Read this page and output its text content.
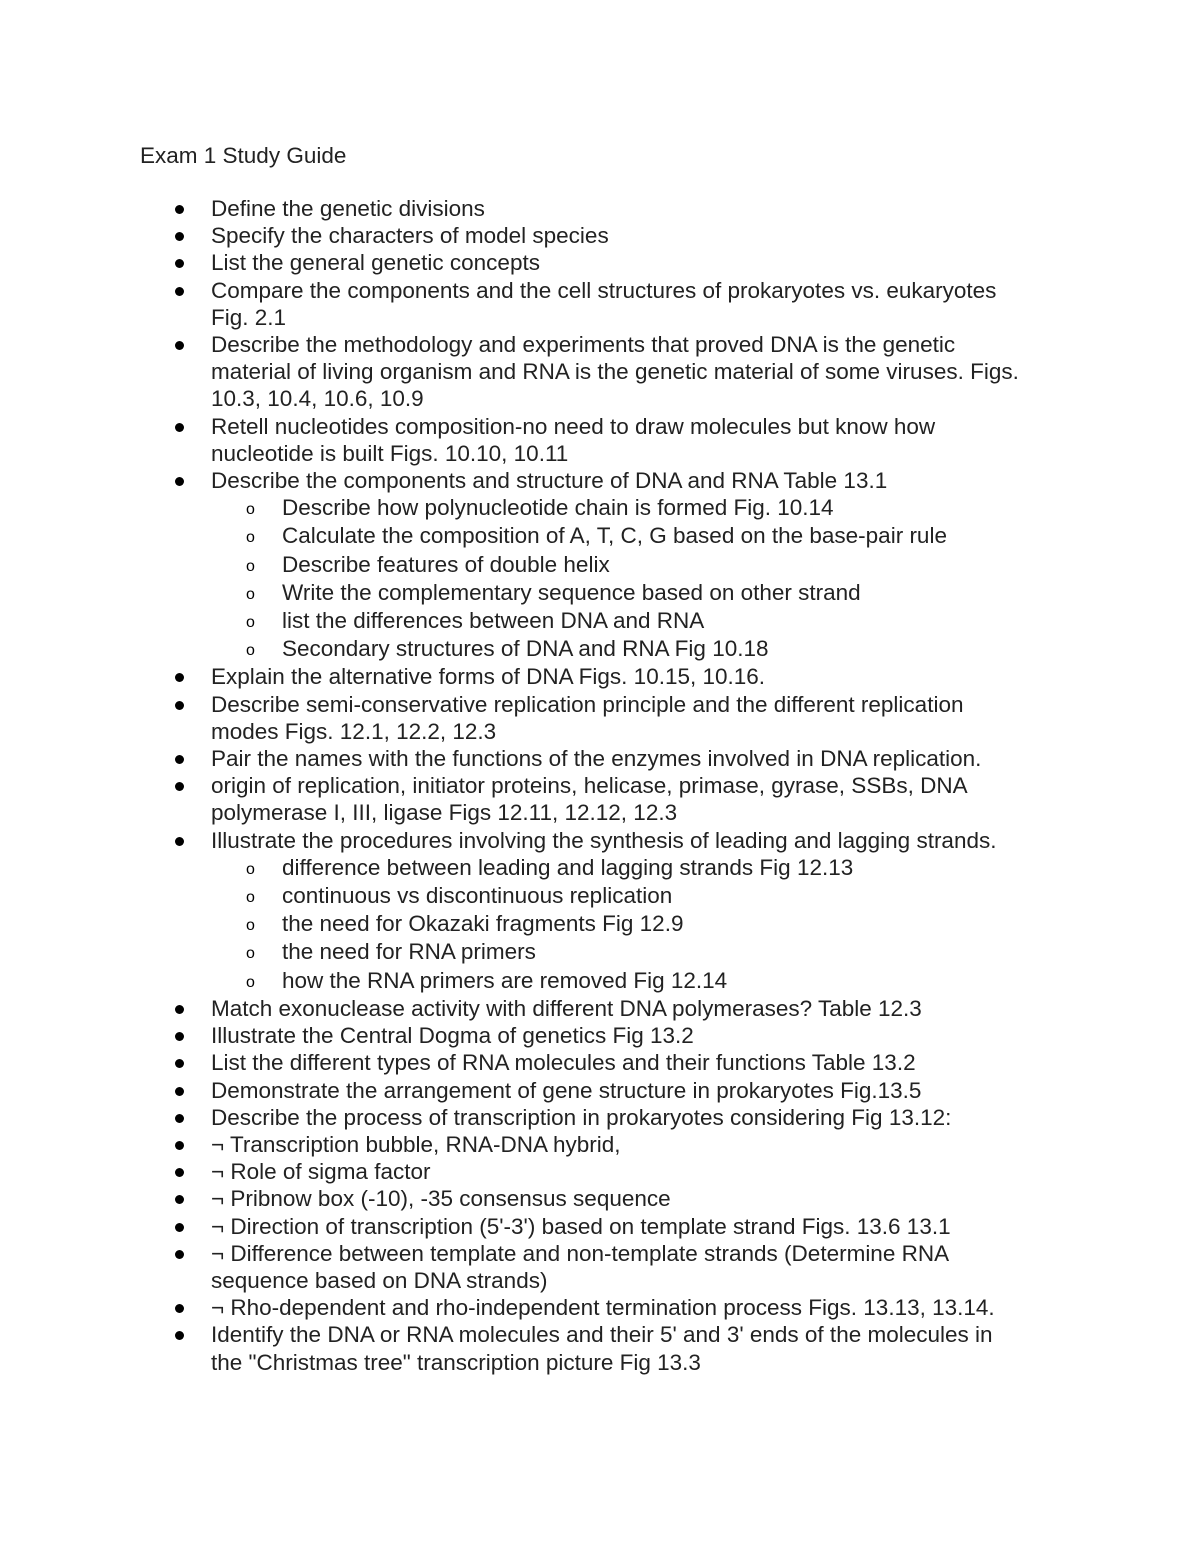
Exam 1 Study Guide
Define the genetic divisions
Specify the characters of model species
List the general genetic concepts
Compare the components and the cell structures of prokaryotes vs. eukaryotes
Fig. 2.1
Describe the methodology and experiments that proved DNA is the genetic
material of living organism and RNA is the genetic material of some viruses. Figs.
10.3, 10.4, 10.6, 10.9
Retell nucleotides composition-no need to draw molecules but know how
nucleotide is built Figs. 10.10, 10.11
Describe the components and structure of DNA and RNA Table 13.1
o Describe how polynucleotide chain is formed Fig. 10.14
o Calculate the composition of A, T, C, G based on the base-pair rule
o Describe features of double helix
o Write the complementary sequence based on other strand
o list the differences between DNA and RNA
o Secondary structures of DNA and RNA Fig 10.18
Explain the alternative forms of DNA Figs. 10.15, 10.16.
Describe semi-conservative replication principle and the different replication
modes Figs. 12.1, 12.2, 12.3
Pair the names with the functions of the enzymes involved in DNA replication.
origin of replication, initiator proteins, helicase, primase, gyrase, SSBs, DNA
polymerase I, III, ligase Figs 12.11, 12.12, 12.3
Illustrate the procedures involving the synthesis of leading and lagging strands.
o difference between leading and lagging strands Fig 12.13
o continuous vs discontinuous replication
o the need for Okazaki fragments Fig 12.9
o the need for RNA primers
o how the RNA primers are removed Fig 12.14
Match exonuclease activity with different DNA polymerases? Table 12.3
Illustrate the Central Dogma of genetics Fig 13.2
List the different types of RNA molecules and their functions Table 13.2
Demonstrate the arrangement of gene structure in prokaryotes Fig.13.5
Describe the process of transcription in prokaryotes considering Fig 13.12:
¬ Transcription bubble, RNA-DNA hybrid,
¬ Role of sigma factor
¬ Pribnow box (-10), -35 consensus sequence
¬ Direction of transcription (5'-3') based on template strand Figs. 13.6 13.1
¬ Difference between template and non-template strands (Determine RNA
sequence based on DNA strands)
¬ Rho-dependent and rho-independent termination process Figs. 13.13, 13.14.
Identify the DNA or RNA molecules and their 5' and 3' ends of the molecules in
the "Christmas tree" transcription picture Fig 13.3
